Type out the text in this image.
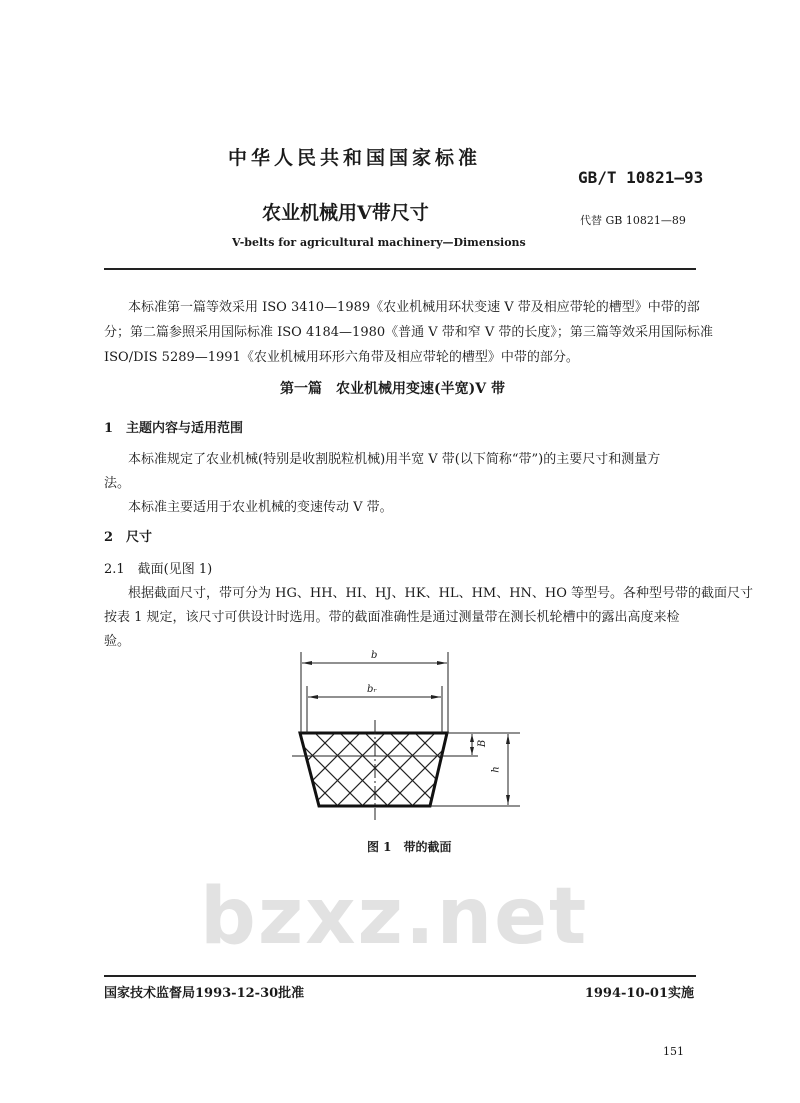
bzxz.net
中华人民共和国国家标准
GB/T 10821—93
农业机械用V带尺寸	代替 GB 10821—89
V-belts for agricultural machinery—Dimensions
本标准第一篇等效采用 ISO 3410—1989《农业机械用环状变速 V 带及相应带轮的槽型》中带的部
分；第二篇参照采用国际标准 ISO 4184—1980《普通 V 带和窄 V 带的长度》；第三篇等效采用国际标准
ISO/DIS 5289—1991《农业机械用环形六角带及相应带轮的槽型》中带的部分。
第一篇　农业机械用变速(半宽)V 带
1　主题内容与适用范围
本标准规定了农业机械(特别是收割脱粒机械)用半宽 V 带(以下简称“带”)的主要尺寸和测量方
法。
本标准主要适用于农业机械的变速传动 V 带。
2　尺寸
2.1　截面(见图 1)
根据截面尺寸，带可分为 HG、HH、HI、HJ、HK、HL、HM、HN、HO 等型号。各种型号带的截面尺寸
按表 1 规定，该尺寸可供设计时选用。带的截面准确性是通过测量带在测长机轮槽中的露出高度来检
验。
b
bᵣ
B
h
图 1　带的截面
国家技术监督局1993-12-30批准	1994-10-01实施
151
